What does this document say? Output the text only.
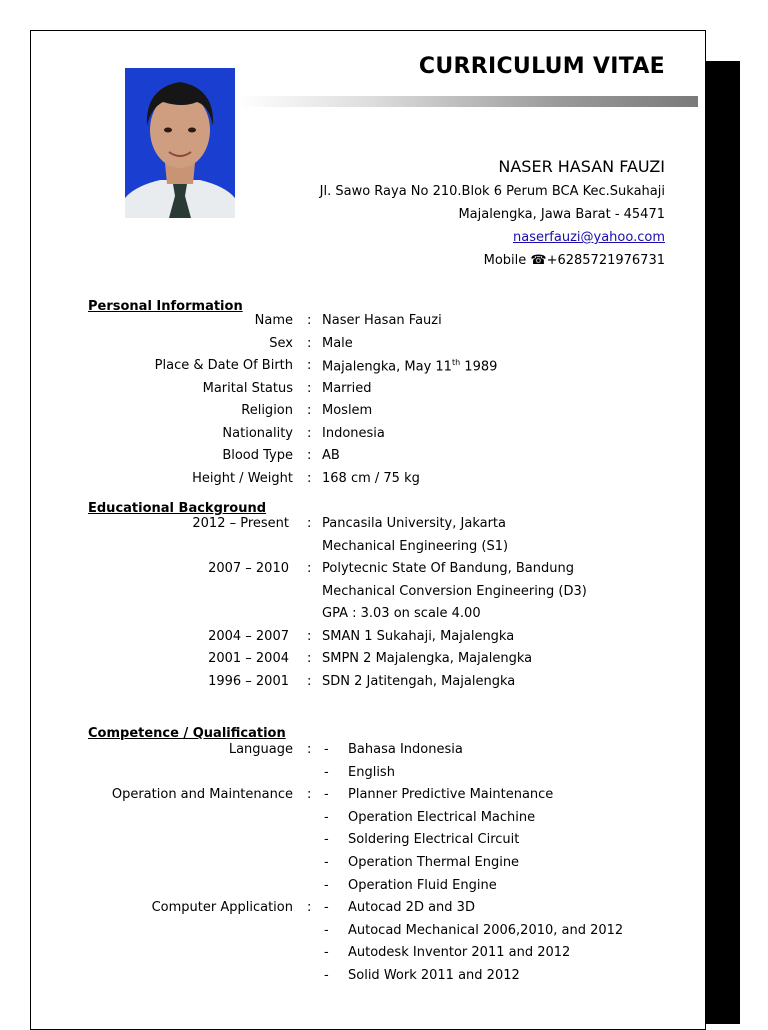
CURRICULUM VITAE
NASER HASAN FAUZI
Jl. Sawo Raya No 210.Blok 6 Perum BCA Kec.Sukahaji
Majalengka, Jawa Barat - 45471
naserfauzi@yahoo.com
Mobile ☎+6285721976731
Personal Information
Name : Naser Hasan Fauzi
Sex : Male
Place & Date Of Birth : Majalengka, May 11th 1989
Marital Status : Married
Religion : Moslem
Nationality : Indonesia
Blood Type : AB
Height / Weight : 168 cm / 75 kg
Educational Background
2012 – Present : Pancasila University, Jakarta
Mechanical Engineering (S1)
2007 – 2010 : Polytecnic State Of Bandung, Bandung
Mechanical Conversion Engineering (D3)
GPA : 3.03 on scale 4.00
2004 – 2007 : SMAN 1 Sukahaji, Majalengka
2001 – 2004 : SMPN 2 Majalengka, Majalengka
1996 – 2001 : SDN 2 Jatitengah, Majalengka
Competence / Qualification
Language : - Bahasa Indonesia
- English
Operation and Maintenance : - Planner Predictive Maintenance
- Operation Electrical Machine
- Soldering Electrical Circuit
- Operation Thermal Engine
- Operation Fluid Engine
Computer Application : - Autocad 2D and 3D
- Autocad Mechanical 2006,2010, and 2012
- Autodesk Inventor 2011 and 2012
- Solid Work 2011 and 2012
